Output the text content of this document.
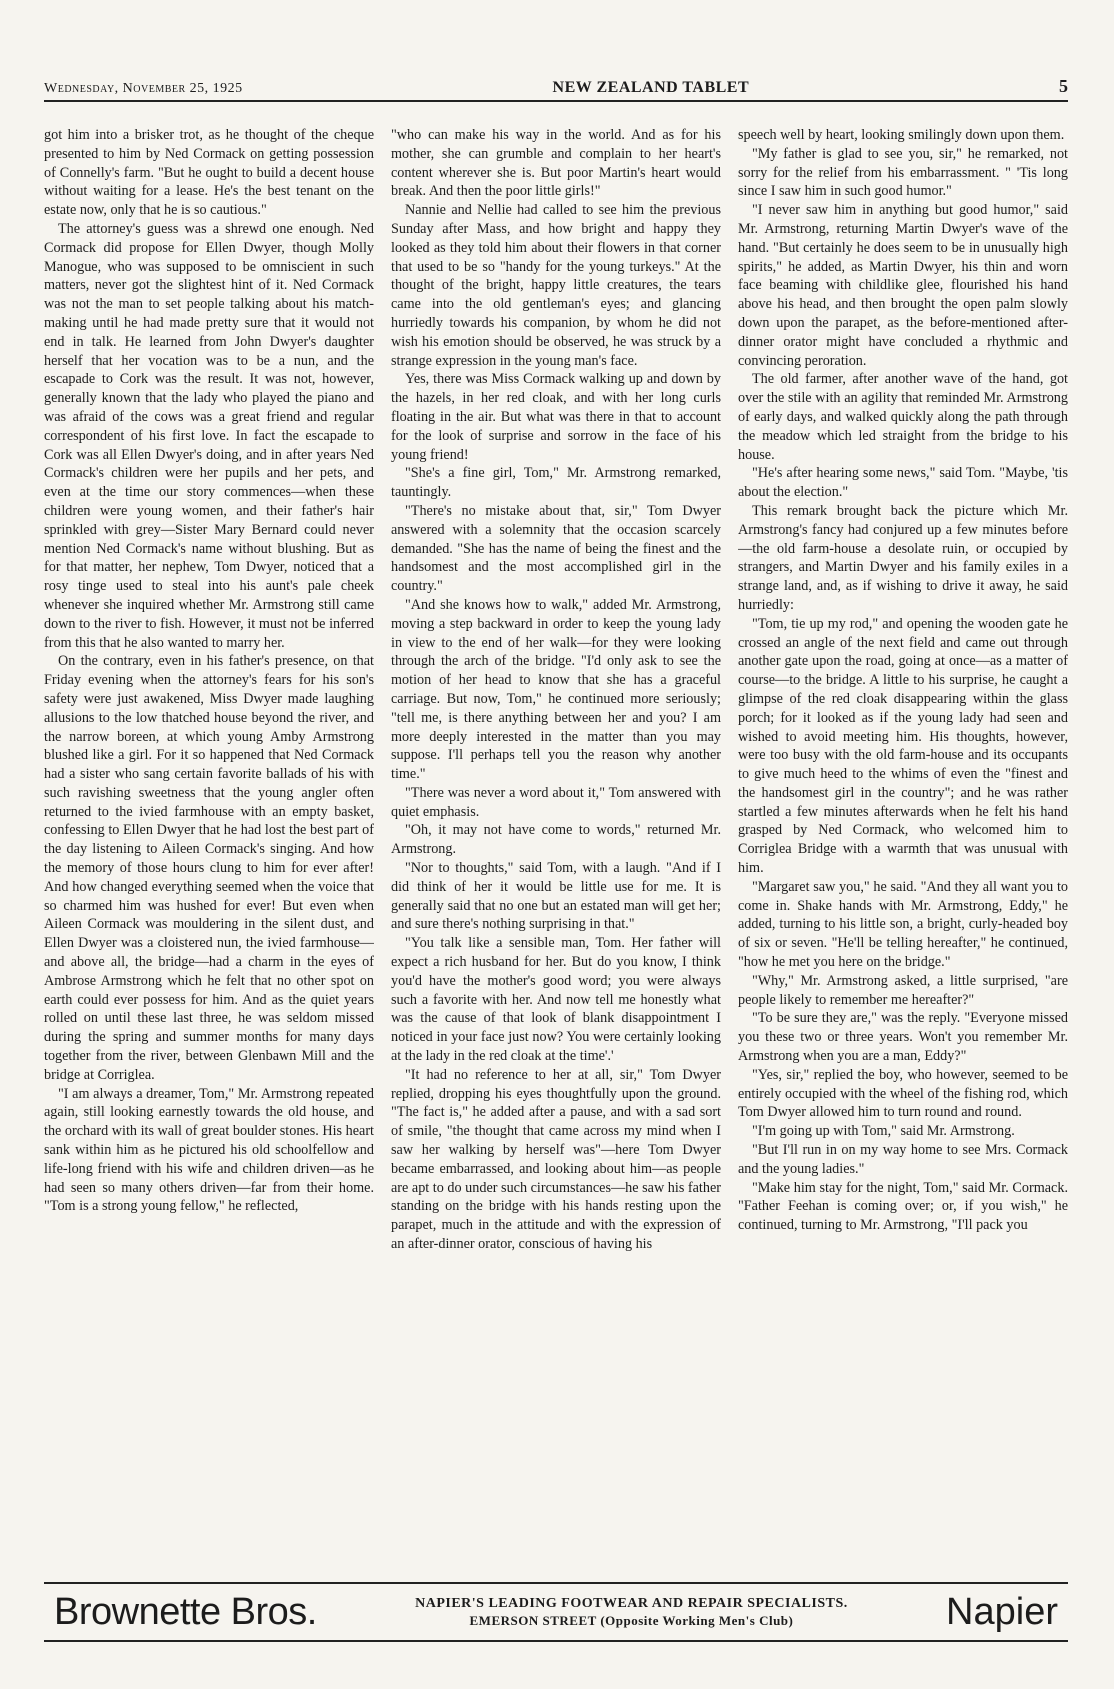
Wednesday, November 25, 1925	NEW ZEALAND TABLET	5

got him into a brisker trot, as he thought of the cheque presented to him by Ned Cormack on getting possession of Connelly's farm. "But he ought to build a decent house without waiting for a lease. He's the best tenant on the estate now, only that he is so cautious."

The attorney's guess was a shrewd one enough. Ned Cormack did propose for Ellen Dwyer, though Molly Manogue, who was supposed to be omniscient in such matters, never got the slightest hint of it. Ned Cormack was not the man to set people talking about his match-making until he had made pretty sure that it would not end in talk. He learned from John Dwyer's daughter herself that her vocation was to be a nun, and the escapade to Cork was the result. It was not, however, generally known that the lady who played the piano and was afraid of the cows was a great friend and regular correspondent of his first love. In fact the escapade to Cork was all Ellen Dwyer's doing, and in after years Ned Cormack's children were her pupils and her pets, and even at the time our story commences—when these children were young women, and their father's hair sprinkled with grey—Sister Mary Bernard could never mention Ned Cormack's name without blushing. But as for that matter, her nephew, Tom Dwyer, noticed that a rosy tinge used to steal into his aunt's pale cheek whenever she inquired whether Mr. Armstrong still came down to the river to fish. However, it must not be inferred from this that he also wanted to marry her.

On the contrary, even in his father's presence, on that Friday evening when the attorney's fears for his son's safety were just awakened, Miss Dwyer made laughing allusions to the low thatched house beyond the river, and the narrow boreen, at which young Amby Armstrong blushed like a girl. For it so happened that Ned Cormack had a sister who sang certain favorite ballads of his with such ravishing sweetness that the young angler often returned to the ivied farmhouse with an empty basket, confessing to Ellen Dwyer that he had lost the best part of the day listening to Aileen Cormack's singing. And how the memory of those hours clung to him for ever after! And how changed everything seemed when the voice that so charmed him was hushed for ever! But even when Aileen Cormack was mouldering in the silent dust, and Ellen Dwyer was a cloistered nun, the ivied farmhouse—and above all, the bridge—had a charm in the eyes of Ambrose Armstrong which he felt that no other spot on earth could ever possess for him. And as the quiet years rolled on until these last three, he was seldom missed during the spring and summer months for many days together from the river, between Glenbawn Mill and the bridge at Corriglea.

"I am always a dreamer, Tom," Mr. Armstrong repeated again, still looking earnestly towards the old house, and the orchard with its wall of great boulder stones. His heart sank within him as he pictured his old schoolfellow and life-long friend with his wife and children driven—as he had seen so many others driven—far from their home. "Tom is a strong young fellow," he reflected,

"who can make his way in the world. And as for his mother, she can grumble and complain to her heart's content wherever she is. But poor Martin's heart would break. And then the poor little girls!"

Nannie and Nellie had called to see him the previous Sunday after Mass, and how bright and happy they looked as they told him about their flowers in that corner that used to be so "handy for the young turkeys." At the thought of the bright, happy little creatures, the tears came into the old gentleman's eyes; and glancing hurriedly towards his companion, by whom he did not wish his emotion should be observed, he was struck by a strange expression in the young man's face.

Yes, there was Miss Cormack walking up and down by the hazels, in her red cloak, and with her long curls floating in the air. But what was there in that to account for the look of surprise and sorrow in the face of his young friend!

"She's a fine girl, Tom," Mr. Armstrong remarked, tauntingly.

"There's no mistake about that, sir," Tom Dwyer answered with a solemnity that the occasion scarcely demanded. "She has the name of being the finest and the handsomest and the most accomplished girl in the country."

"And she knows how to walk," added Mr. Armstrong, moving a step backward in order to keep the young lady in view to the end of her walk—for they were looking through the arch of the bridge. "I'd only ask to see the motion of her head to know that she has a graceful carriage. But now, Tom," he continued more seriously; "tell me, is there anything between her and you? I am more deeply interested in the matter than you may suppose. I'll perhaps tell you the reason why another time."

"There was never a word about it," Tom answered with quiet emphasis.

"Oh, it may not have come to words," returned Mr. Armstrong.

"Nor to thoughts," said Tom, with a laugh. "And if I did think of her it would be little use for me. It is generally said that no one but an estated man will get her; and sure there's nothing surprising in that."

"You talk like a sensible man, Tom. Her father will expect a rich husband for her. But do you know, I think you'd have the mother's good word; you were always such a favorite with her. And now tell me honestly what was the cause of that look of blank disappointment I noticed in your face just now? You were certainly looking at the lady in the red cloak at the time'.'

"It had no reference to her at all, sir," Tom Dwyer replied, dropping his eyes thoughtfully upon the ground. "The fact is," he added after a pause, and with a sad sort of smile, "the thought that came across my mind when I saw her walking by herself was"—here Tom Dwyer became embarrassed, and looking about him—as people are apt to do under such circumstances—he saw his father standing on the bridge with his hands resting upon the parapet, much in the attitude and with the expression of an after-dinner orator, conscious of having his

speech well by heart, looking smilingly down upon them.

"My father is glad to see you, sir," he remarked, not sorry for the relief from his embarrassment. " 'Tis long since I saw him in such good humor."

"I never saw him in anything but good humor," said Mr. Armstrong, returning Martin Dwyer's wave of the hand. "But certainly he does seem to be in unusually high spirits," he added, as Martin Dwyer, his thin and worn face beaming with childlike glee, flourished his hand above his head, and then brought the open palm slowly down upon the parapet, as the before-mentioned after-dinner orator might have concluded a rhythmic and convincing peroration.

The old farmer, after another wave of the hand, got over the stile with an agility that reminded Mr. Armstrong of early days, and walked quickly along the path through the meadow which led straight from the bridge to his house.

"He's after hearing some news," said Tom. "Maybe, 'tis about the election."

This remark brought back the picture which Mr. Armstrong's fancy had conjured up a few minutes before—the old farm-house a desolate ruin, or occupied by strangers, and Martin Dwyer and his family exiles in a strange land, and, as if wishing to drive it away, he said hurriedly:

"Tom, tie up my rod," and opening the wooden gate he crossed an angle of the next field and came out through another gate upon the road, going at once—as a matter of course—to the bridge. A little to his surprise, he caught a glimpse of the red cloak disappearing within the glass porch; for it looked as if the young lady had seen and wished to avoid meeting him. His thoughts, however, were too busy with the old farm-house and its occupants to give much heed to the whims of even the "finest and the handsomest girl in the country"; and he was rather startled a few minutes afterwards when he felt his hand grasped by Ned Cormack, who welcomed him to Corriglea Bridge with a warmth that was unusual with him.

"Margaret saw you," he said. "And they all want you to come in. Shake hands with Mr. Armstrong, Eddy," he added, turning to his little son, a bright, curly-headed boy of six or seven. "He'll be telling hereafter," he continued, "how he met you here on the bridge."

"Why," Mr. Armstrong asked, a little surprised, "are people likely to remember me hereafter?"

"To be sure they are," was the reply. "Everyone missed you these two or three years. Won't you remember Mr. Armstrong when you are a man, Eddy?"

"Yes, sir," replied the boy, who however, seemed to be entirely occupied with the wheel of the fishing rod, which Tom Dwyer allowed him to turn round and round.

"I'm going up with Tom," said Mr. Armstrong.

"But I'll run in on my way home to see Mrs. Cormack and the young ladies."

"Make him stay for the night, Tom," said Mr. Cormack. "Father Feehan is coming over; or, if you wish," he continued, turning to Mr. Armstrong, "I'll pack you

Brownette Bros.	NAPIER'S LEADING FOOTWEAR AND REPAIR SPECIALISTS.
EMERSON STREET (Opposite Working Men's Club)	Napier
